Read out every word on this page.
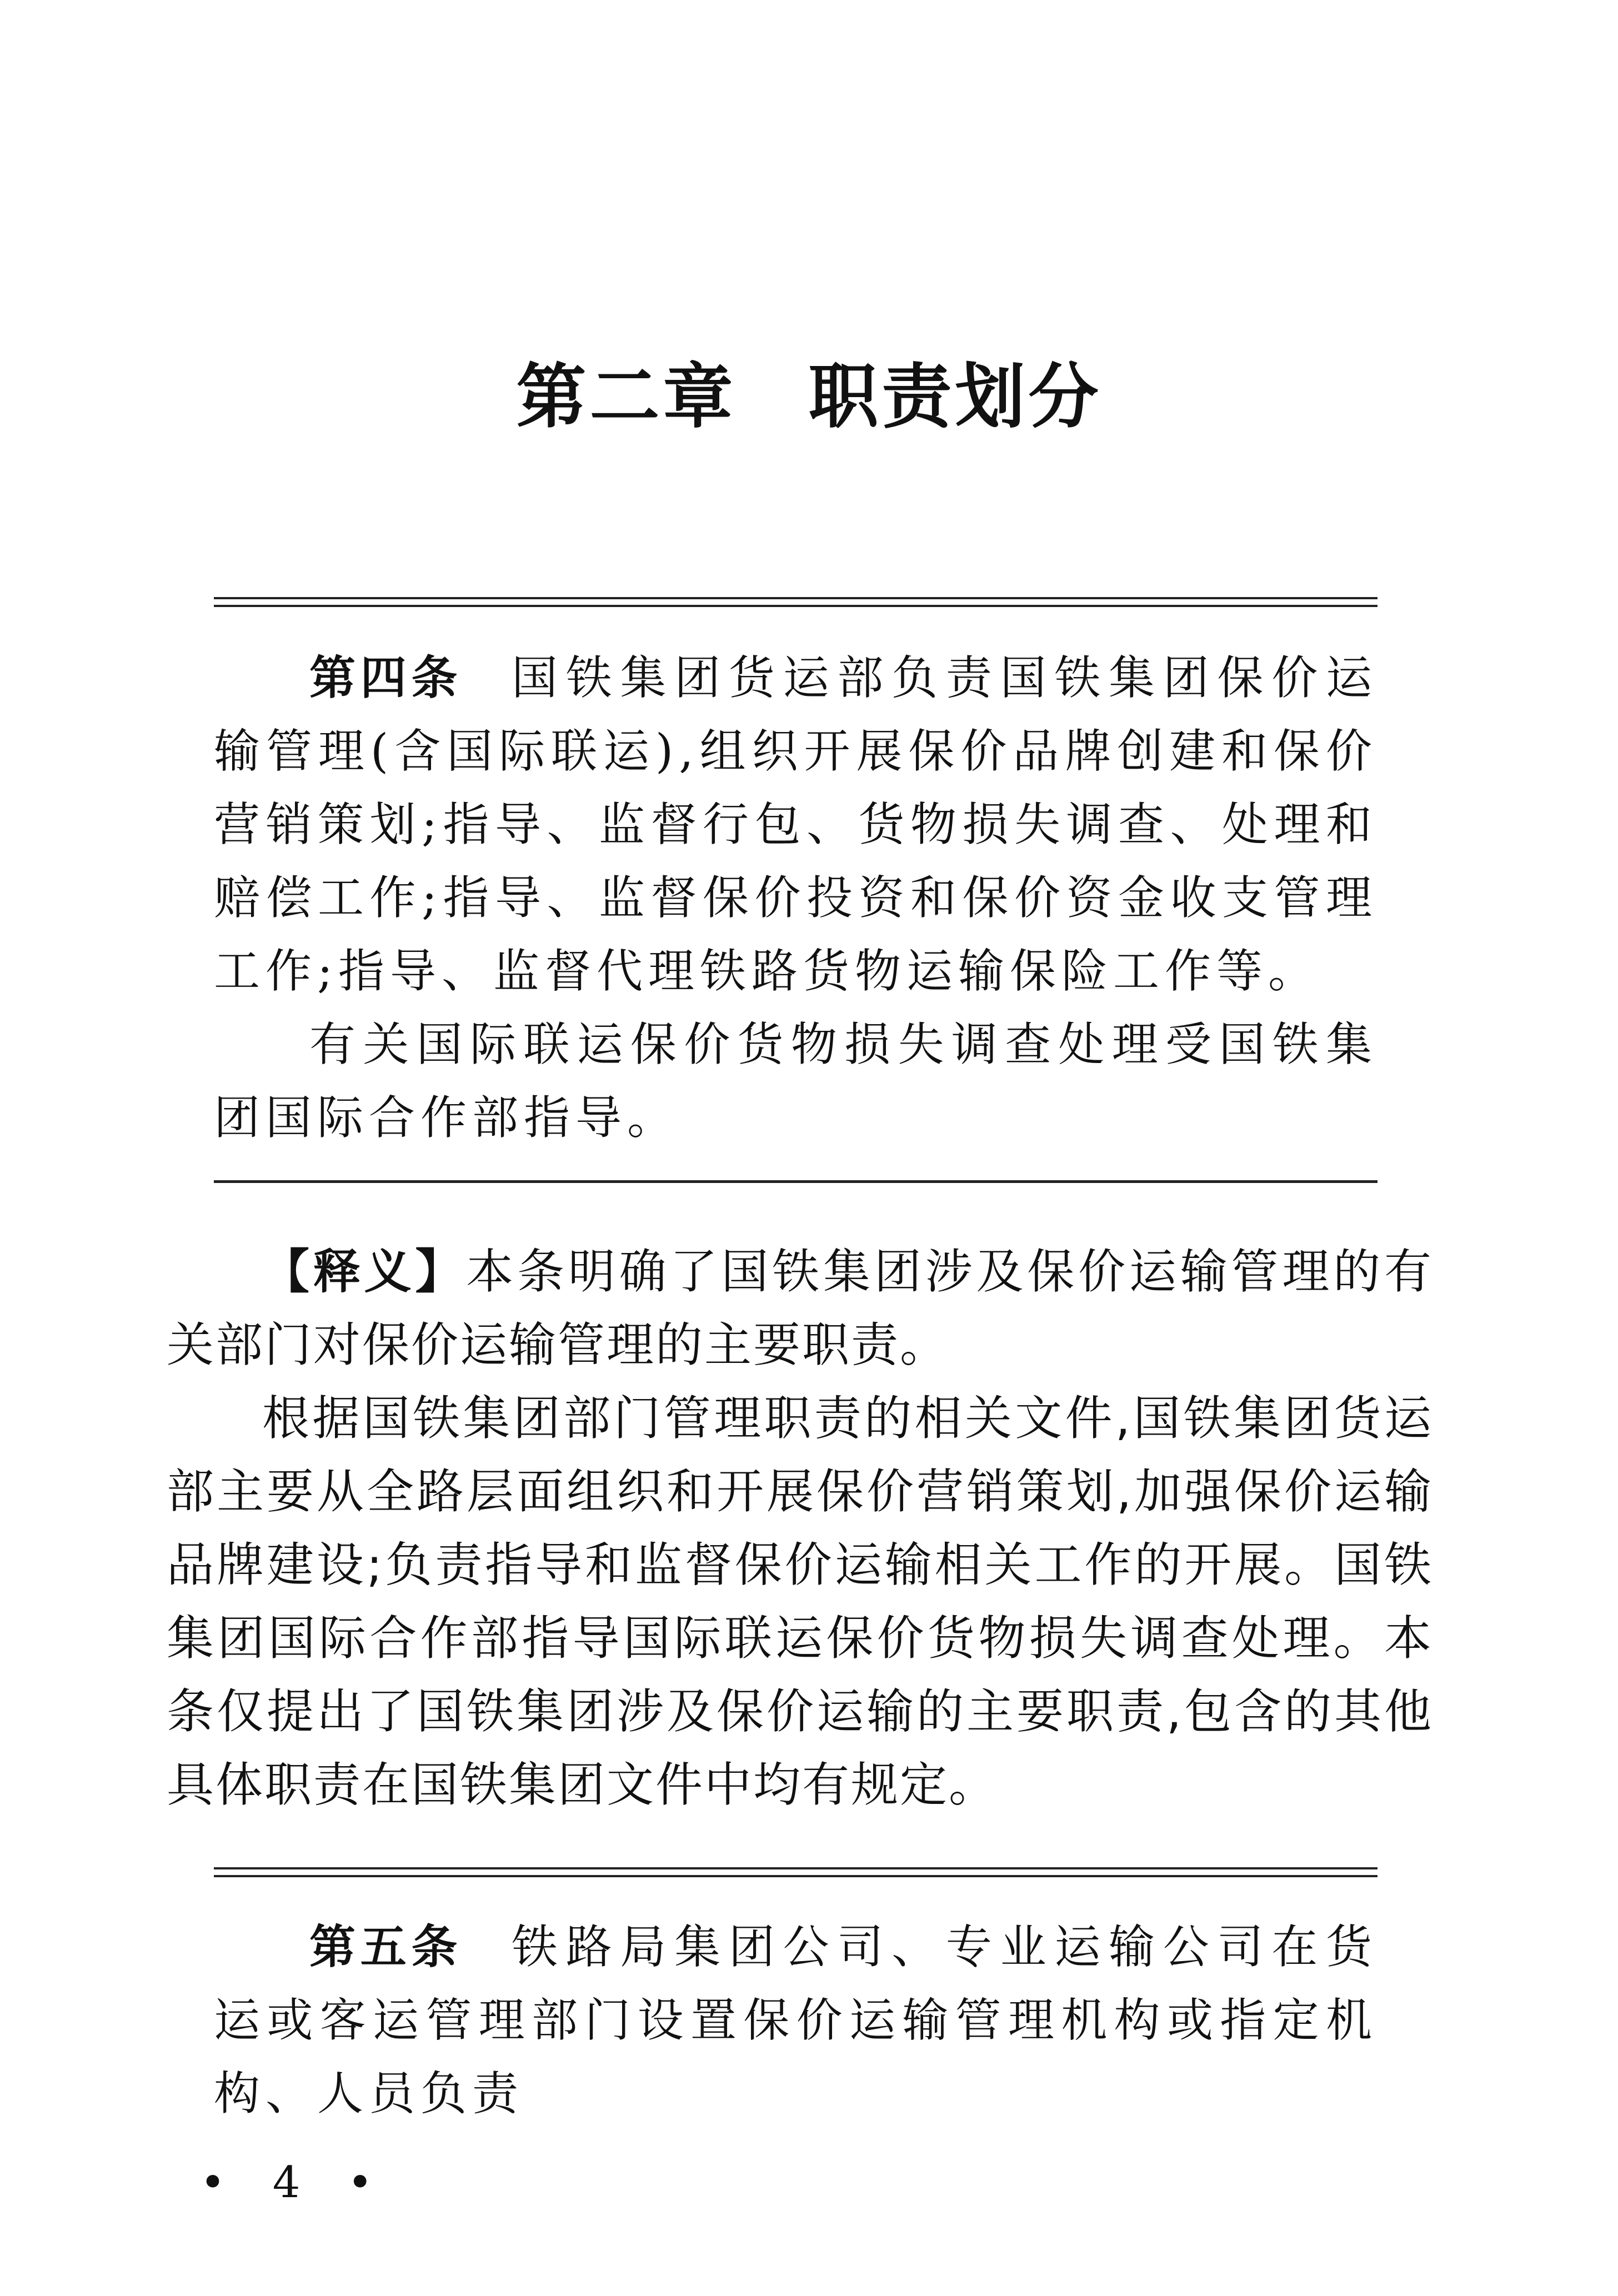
第二章 职责划分

第四条 国铁集团货运部负责国铁集团保价运输管理(含国际联运),组织开展保价品牌创建和保价营销策划;指导、监督行包、货物损失调查、处理和赔偿工作;指导、监督保价投资和保价资金收支管理工作;指导、监督代理铁路货物运输保险工作等。

有关国际联运保价货物损失调查处理受国铁集团国际合作部指导。

【释义】本条明确了国铁集团涉及保价运输管理的有关部门对保价运输管理的主要职责。

根据国铁集团部门管理职责的相关文件,国铁集团货运部主要从全路层面组织和开展保价营销策划,加强保价运输品牌建设;负责指导和监督保价运输相关工作的开展。国铁集团国际合作部指导国际联运保价货物损失调查处理。本条仅提出了国铁集团涉及保价运输的主要职责,包含的其他具体职责在国铁集团文件中均有规定。

第五条 铁路局集团公司、专业运输公司在货运或客运管理部门设置保价运输管理机构或指定机构、人员负责

• 4 •
